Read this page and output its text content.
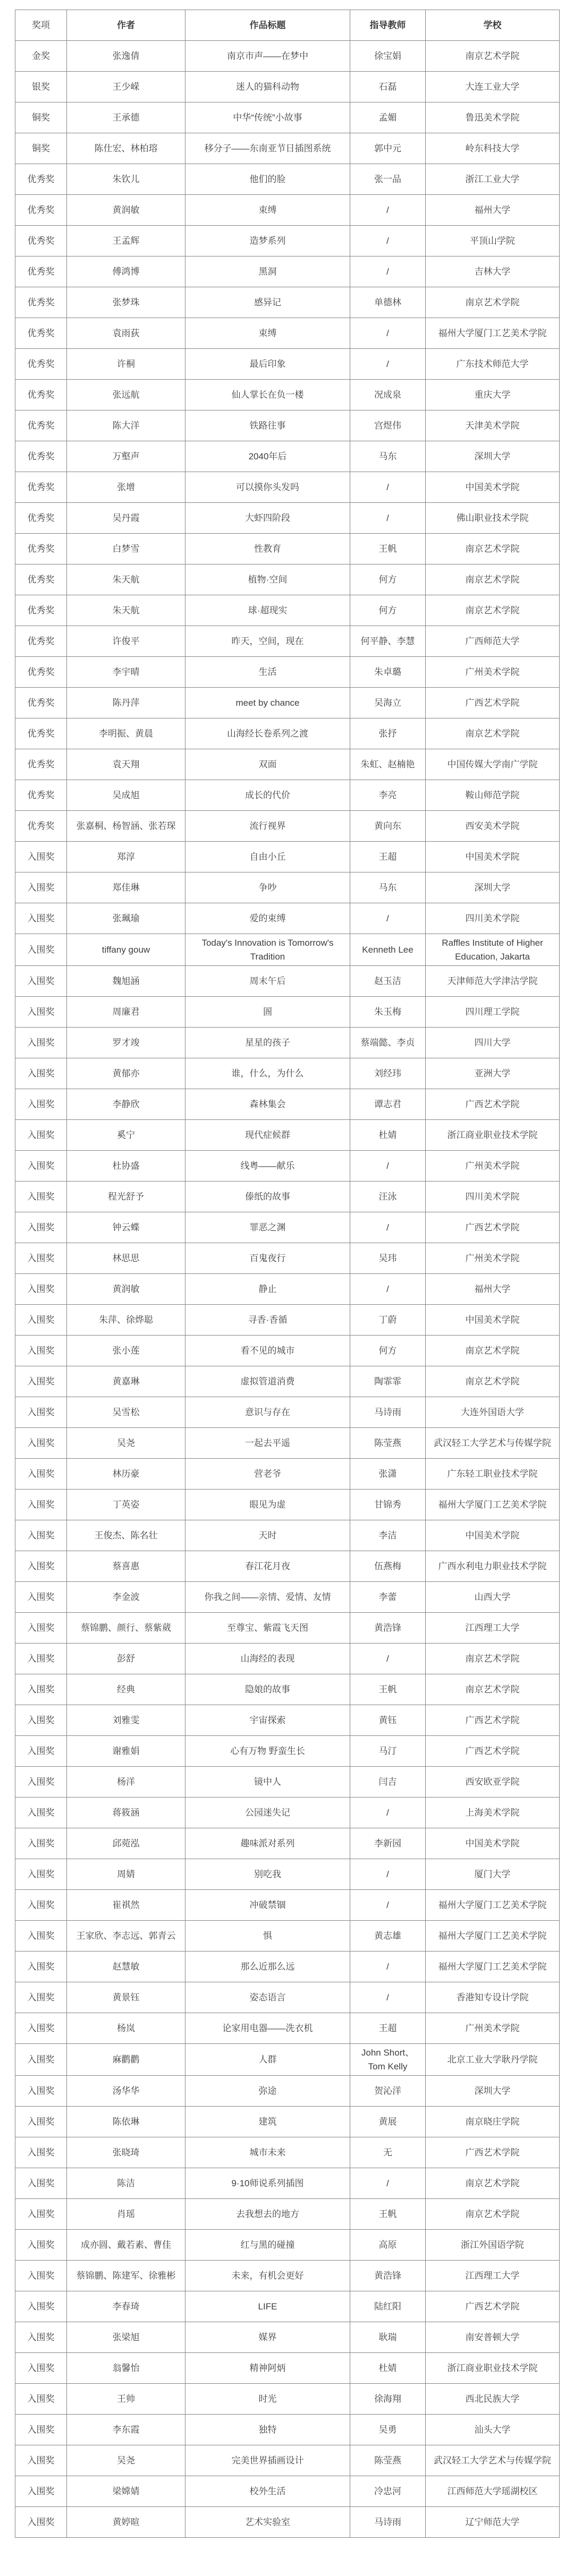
奖项	作者	作品标题	指导教师	学校
金奖	张逸倩	南京市声——在梦中	徐宝娟	南京艺术学院
银奖	王少嵘	迷人的猫科动物	石磊	大连工业大学
铜奖	王承德	中华“传统”小故事	孟媚	鲁迅美术学院
铜奖	陈仕宏、林柏瑢	移分子——东南亚节日插图系统	郭中元	岭东科技大学
优秀奖	朱钦儿	他们的脸	张一品	浙江工业大学
优秀奖	黄润敏	束缚	/	福州大学
优秀奖	王孟辉	造梦系列	/	平顶山学院
优秀奖	傅鸿博	黑洞	/	吉林大学
优秀奖	张梦珠	感异记	单德林	南京艺术学院
优秀奖	袁雨荻	束缚	/	福州大学厦门工艺美术学院
优秀奖	许桐	最后印象	/	广东技术师范大学
优秀奖	张远航	仙人掌长在负一楼	况成泉	重庆大学
优秀奖	陈大洋	铁路往事	宫煜伟	天津美术学院
优秀奖	万壑声	2040年后	马东	深圳大学
优秀奖	张增	可以摸你头发吗	/	中国美术学院
优秀奖	吴丹霞	大虾四阶段	/	佛山职业技术学院
优秀奖	白梦雪	性教育	王帆	南京艺术学院
优秀奖	朱天航	植物·空间	何方	南京艺术学院
优秀奖	朱天航	球·超现实	何方	南京艺术学院
优秀奖	许俊平	昨天，空间，现在	何平静、李慧	广西师范大学
优秀奖	李宇晴	生活	朱卓璐	广州美术学院
优秀奖	陈丹萍	meet by chance	吴海立	广西艺术学院
优秀奖	李明振、黄晨	山海经长卷系列之渡	张抒	南京艺术学院
优秀奖	袁天翔	双面	朱虹、赵楠艳	中国传媒大学南广学院
优秀奖	吴成旭	成长的代价	李亮	鞍山师范学院
优秀奖	张嘉桐、杨智涵、张若琛	流行视界	黄向东	西安美术学院
入围奖	郑淳	自由小丘	王超	中国美术学院
入围奖	郑佳琳	争吵	马东	深圳大学
入围奖	张珮瑜	爱的束缚	/	四川美术学院
入围奖	tiffany gouw	Today's Innovation is Tomorrow's Tradition	Kenneth Lee	Raffles Institute of Higher Education, Jakarta
入围奖	魏旭涵	周末午后	赵玉洁	天津师范大学津沽学院
入围奖	周廉君	圄	朱玉梅	四川理工学院
入围奖	罗才竣	星星的孩子	蔡端懿、李贞	四川大学
入围奖	黄郁亦	谁，什么，为什么	刘经玮	亚洲大学
入围奖	李静欣	森林集会	谭志君	广西艺术学院
入围奖	奚宁	现代症候群	杜婧	浙江商业职业技术学院
入围奖	杜协盛	线粤——献乐	/	广州美术学院
入围奖	程光舒予	傣纸的故事	汪泳	四川美术学院
入围奖	钟云蝶	罪恶之渊	/	广西艺术学院
入围奖	林思思	百鬼夜行	吴玮	广州美术学院
入围奖	黄润敏	静止	/	福州大学
入围奖	朱萍、徐烨聪	寻香·香循	丁蔚	中国美术学院
入围奖	张小莲	看不见的城市	何方	南京艺术学院
入围奖	黄嘉琳	虚拟管道消费	陶霏霏	南京艺术学院
入围奖	吴雪松	意识与存在	马诗雨	大连外国语大学
入围奖	吴尧	一起去平遥	陈莹燕	武汉轻工大学艺术与传媒学院
入围奖	林历豪	营老爷	张潇	广东轻工职业技术学院
入围奖	丁英姿	眼见为虚	甘锦秀	福州大学厦门工艺美术学院
入围奖	王俊杰、陈名壮	天时	李洁	中国美术学院
入围奖	蔡喜惠	春江花月夜	伍燕梅	广西水利电力职业技术学院
入围奖	李金波	你我之间——亲情、爱情、友情	李蕾	山西大学
入围奖	蔡锦鹏、颜行、蔡紫葳	至尊宝、紫霞飞天图	黄浩锋	江西理工大学
入围奖	彭舒	山海经的表现	/	南京艺术学院
入围奖	经典	隐娘的故事	王帆	南京艺术学院
入围奖	刘雅雯	宇宙探索	黄钰	广西艺术学院
入围奖	谢雅娟	心有万物 野蛮生长	马汀	广西艺术学院
入围奖	杨洋	镜中人	闫吉	西安欧亚学院
入围奖	蒋筱涵	公园迷失记	/	上海美术学院
入围奖	邱菀泓	趣味派对系列	李新园	中国美术学院
入围奖	周婧	别吃我	/	厦门大学
入围奖	崔祺然	冲破禁锢	/	福州大学厦门工艺美术学院
入围奖	王家欣、李志远、郭青云	惧	黄志雄	福州大学厦门工艺美术学院
入围奖	赵慧敏	那么近那么远	/	福州大学厦门工艺美术学院
入围奖	黄景钰	姿态语言	/	香港知专设计学院
入围奖	杨岚	论家用电器——洗衣机	王超	广州美术学院
入围奖	麻鹳鹳	人群	John Short、Tom Kelly	北京工业大学耿丹学院
入围奖	汤华华	弥途	贺沁洋	深圳大学
入围奖	陈依琳	建筑	黄展	南京晓庄学院
入围奖	张晓琦	城市未来	无	广西艺术学院
入围奖	陈洁	9·10师说系列插图	/	南京艺术学院
入围奖	肖瑶	去我想去的地方	王帆	南京艺术学院
入围奖	成亦圆、戴若素、曹佳	红与黑的碰撞	高原	浙江外国语学院
入围奖	蔡锦鹏、陈建军、徐雅彬	未来，有机会更好	黄浩锋	江西理工大学
入围奖	李春琦	LIFE	陆红阳	广西艺术学院
入围奖	张梁旭	媒界	耿瑞	南安普顿大学
入围奖	翁馨怡	精神阿炳	杜婧	浙江商业职业技术学院
入围奖	王帅	时光	徐海翔	西北民族大学
入围奖	李东霞	独特	吴勇	汕头大学
入围奖	吴尧	完美世界插画设计	陈莹燕	武汉轻工大学艺术与传媒学院
入围奖	梁嫦婧	校外生活	冷忠河	江西师范大学瑶湖校区
入围奖	黄婷暄	艺术实验室	马诗雨	辽宁师范大学
